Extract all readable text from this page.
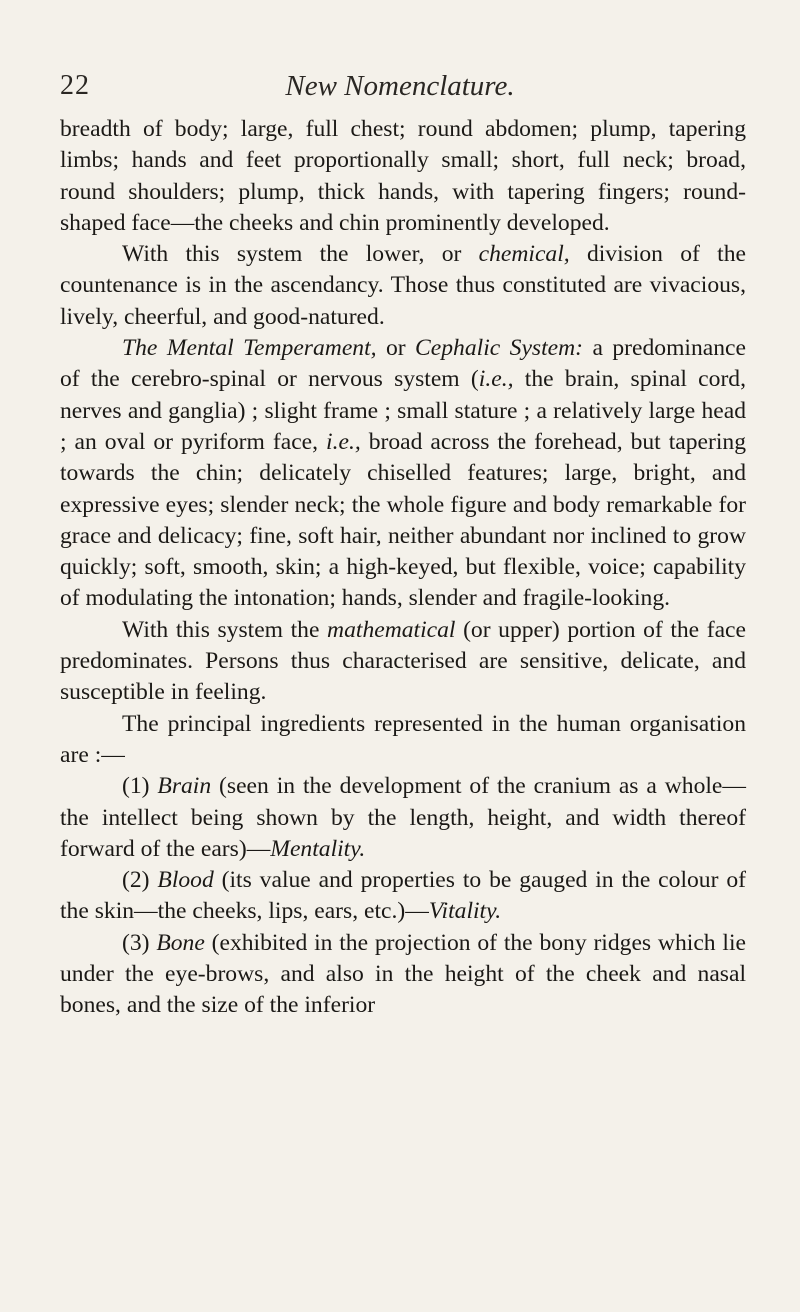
22	New Nomenclature.

breadth of body; large, full chest; round abdomen; plump, tapering limbs; hands and feet proportionally small; short, full neck; broad, round shoulders; plump, thick hands, with tapering fingers; round-shaped face—the cheeks and chin prominently developed.

With this system the lower, or chemical, division of the countenance is in the ascendancy. Those thus constituted are vivacious, lively, cheerful, and good-natured.

The Mental Temperament, or Cephalic System: a predominance of the cerebro-spinal or nervous system (i.e., the brain, spinal cord, nerves and ganglia) ; slight frame ; small stature ; a relatively large head ; an oval or pyriform face, i.e., broad across the forehead, but tapering towards the chin; delicately chiselled features; large, bright, and expressive eyes; slender neck; the whole figure and body remarkable for grace and delicacy; fine, soft hair, neither abundant nor inclined to grow quickly; soft, smooth, skin; a high-keyed, but flexible, voice; capability of modulating the intonation; hands, slender and fragile-looking.

With this system the mathematical (or upper) portion of the face predominates. Persons thus characterised are sensitive, delicate, and susceptible in feeling.

The principal ingredients represented in the human organisation are :—

(1) Brain (seen in the development of the cranium as a whole—the intellect being shown by the length, height, and width thereof forward of the ears)—Mentality.

(2) Blood (its value and properties to be gauged in the colour of the skin—the cheeks, lips, ears, etc.)—Vitality.

(3) Bone (exhibited in the projection of the bony ridges which lie under the eye-brows, and also in the height of the cheek and nasal bones, and the size of the inferior
